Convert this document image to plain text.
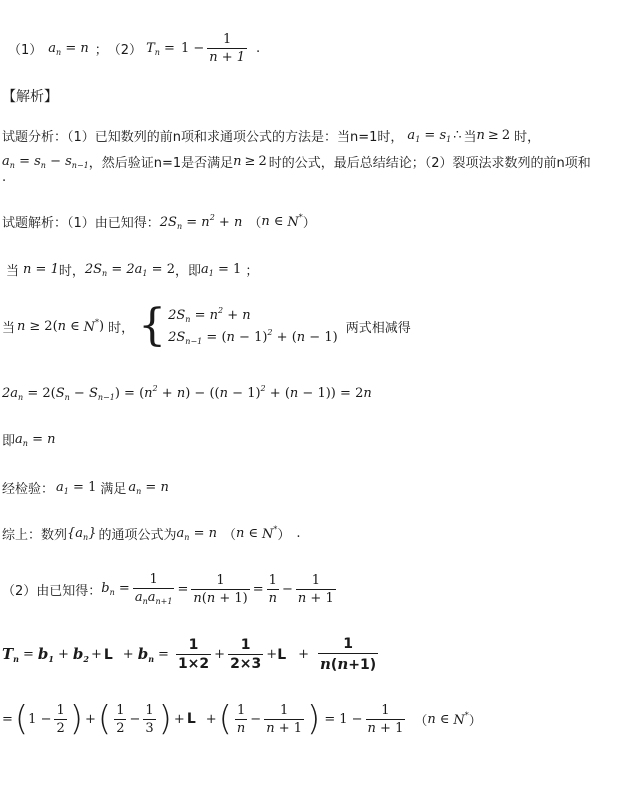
（1） $a_n = n$ ； （2） $T_n = 1 - \frac{1}{n + 1}$ .
【解析】
试题分析：（1）已知数列的前n项和求通项公式的方法是：当n=1时， $a_1 = s_1$ ∴ 当 n ≥ 2 时，
$a_n = s_n - s_{n-1}$ ，然后验证n=1是否满足 n ≥ 2 时的公式，最后总结结论；（2）裂项法求数列的前n项和
.
试题解析：（1）由已知得： $2S_n = n^2 + n$ （ n ∈ N* ）
当 n = 1 时， $2S_n = 2a_1 = 2$ ，即 $a_1 = 1$ ；
当 n ≥ 2( n ∈ N* ) 时， { $2S_n = n^2 + n$
$2S_{n-1} = (n - 1)^2 + (n - 1)$
两式相减得
$2a_n = 2(S_n - S_{n-1}) = (n^2 + n) - ((n - 1)^2 + (n - 1)) = 2n$
即 $a_n = n$
经检验： $a_1 = 1$ 满足 $a_n = n$
综上：数列 $\{a_n\}$ 的通项公式为 $a_n = n$ （ n ∈ N* ） .
（2）由已知得： $b_n = \frac{1}{a_na_{n+1}} = \frac{1}{n(n + 1)} = \frac{1}{n} - \frac{1}{n + 1}$
$T_n = b_1 + b_2 + L + b_n = \frac{1}{1\times 2} + \frac{1}{2\times 3} + L + \frac{1}{n(n+1)}$
= ( $1 - \frac{1}{2}$ ) + ( $\frac{1}{2} - \frac{1}{3}$ ) + L + ( $\frac{1}{n} - \frac{1}{n + 1}$ ) = $1 - \frac{1}{n + 1}$ （ n ∈ N* ）
